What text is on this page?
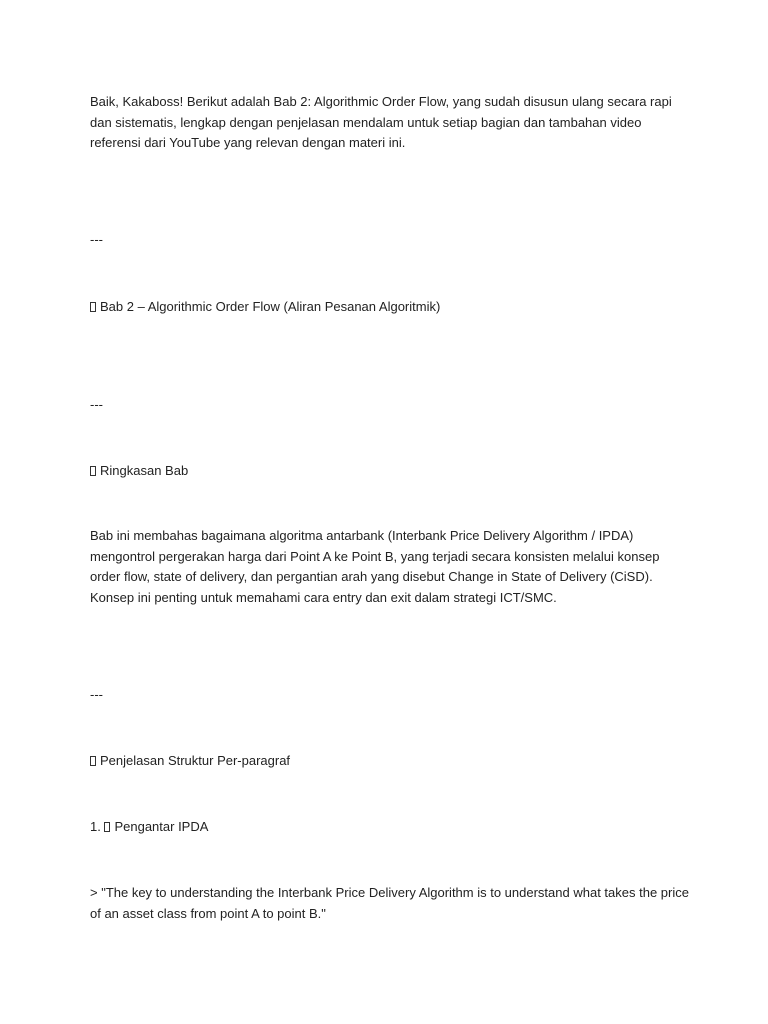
Baik, Kakaboss! Berikut adalah Bab 2: Algorithmic Order Flow, yang sudah disusun ulang secara rapi dan sistematis, lengkap dengan penjelasan mendalam untuk setiap bagian dan tambahan video referensi dari YouTube yang relevan dengan materi ini.

---

Bab 2 – Algorithmic Order Flow (Aliran Pesanan Algoritmik)

---

Ringkasan Bab

Bab ini membahas bagaimana algoritma antarbank (Interbank Price Delivery Algorithm / IPDA) mengontrol pergerakan harga dari Point A ke Point B, yang terjadi secara konsisten melalui konsep order flow, state of delivery, dan pergantian arah yang disebut Change in State of Delivery (CiSD). Konsep ini penting untuk memahami cara entry dan exit dalam strategi ICT/SMC.

---

Penjelasan Struktur Per-paragraf

1. Pengantar IPDA

> "The key to understanding the Interbank Price Delivery Algorithm is to understand what takes the price of an asset class from point A to point B."
